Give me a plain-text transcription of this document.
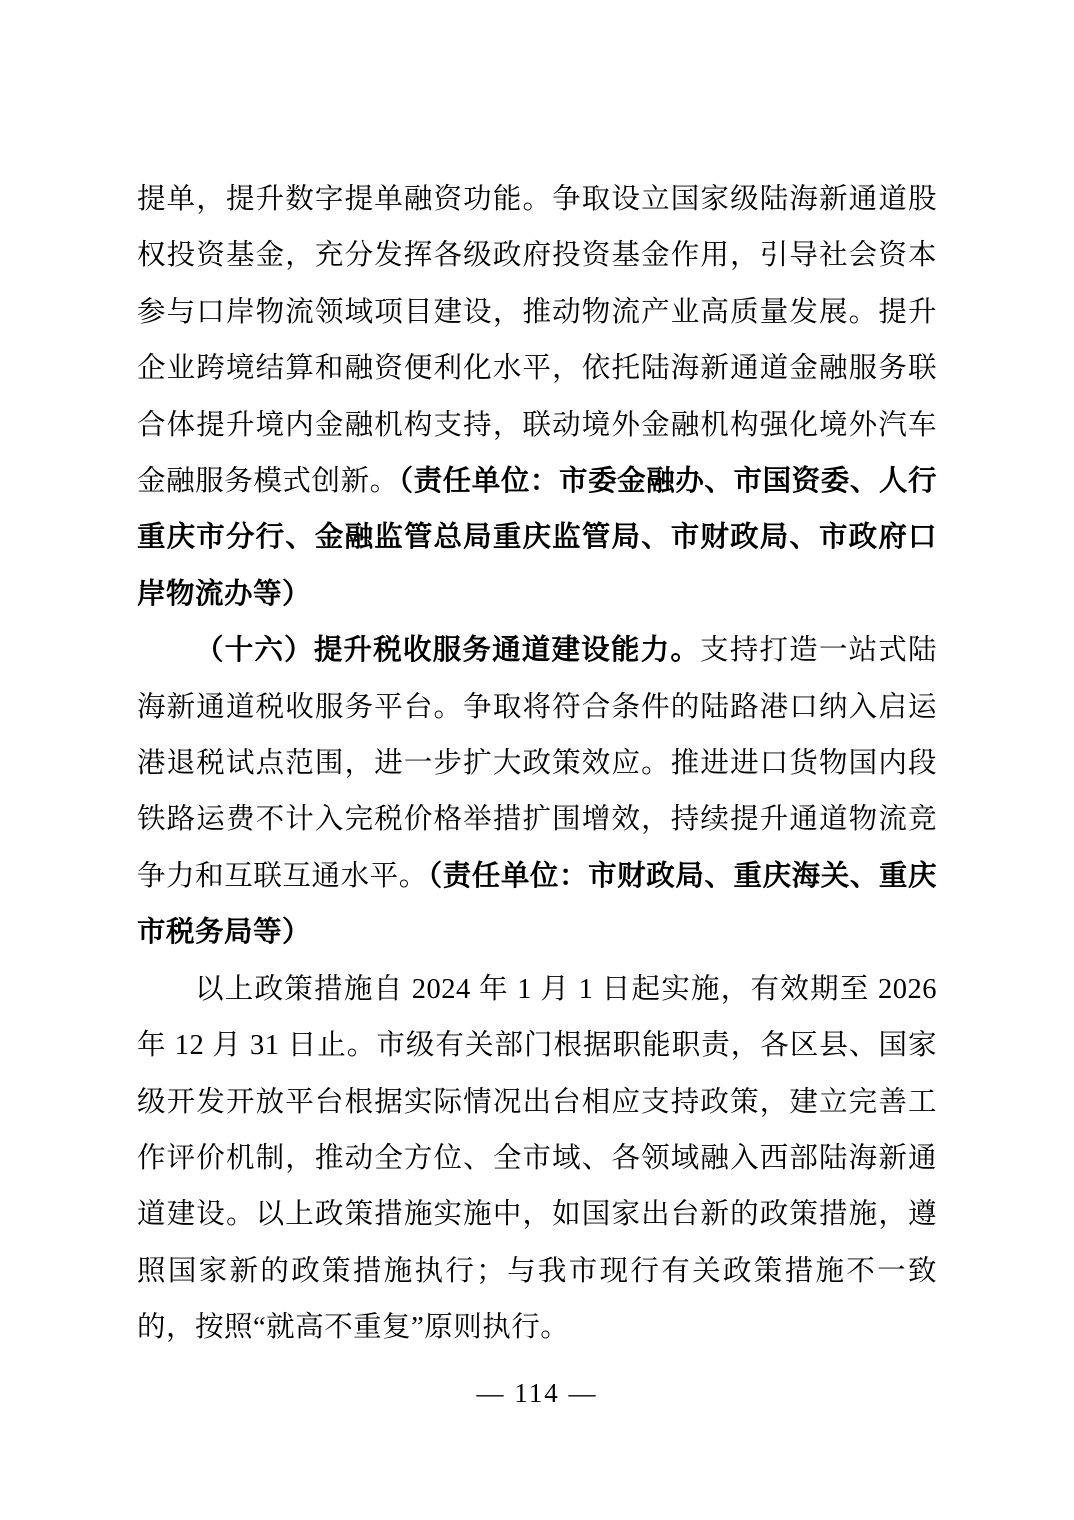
提单，提升数字提单融资功能。争取设立国家级陆海新通道股权投资基金，充分发挥各级政府投资基金作用，引导社会资本参与口岸物流领域项目建设，推动物流产业高质量发展。提升企业跨境结算和融资便利化水平，依托陆海新通道金融服务联合体提升境内金融机构支持，联动境外金融机构强化境外汽车金融服务模式创新。（责任单位：市委金融办、市国资委、人行重庆市分行、金融监管总局重庆监管局、市财政局、市政府口岸物流办等）

（十六）提升税收服务通道建设能力。支持打造一站式陆海新通道税收服务平台。争取将符合条件的陆路港口纳入启运港退税试点范围，进一步扩大政策效应。推进进口货物国内段铁路运费不计入完税价格举措扩围增效，持续提升通道物流竞争力和互联互通水平。（责任单位：市财政局、重庆海关、重庆市税务局等）

以上政策措施自 2024 年 1 月 1 日起实施，有效期至 2026 年 12 月 31 日止。市级有关部门根据职能职责，各区县、国家级开发开放平台根据实际情况出台相应支持政策，建立完善工作评价机制，推动全方位、全市域、各领域融入西部陆海新通道建设。以上政策措施实施中，如国家出台新的政策措施，遵照国家新的政策措施执行；与我市现行有关政策措施不一致的，按照“就高不重复”原则执行。

— 114 —
